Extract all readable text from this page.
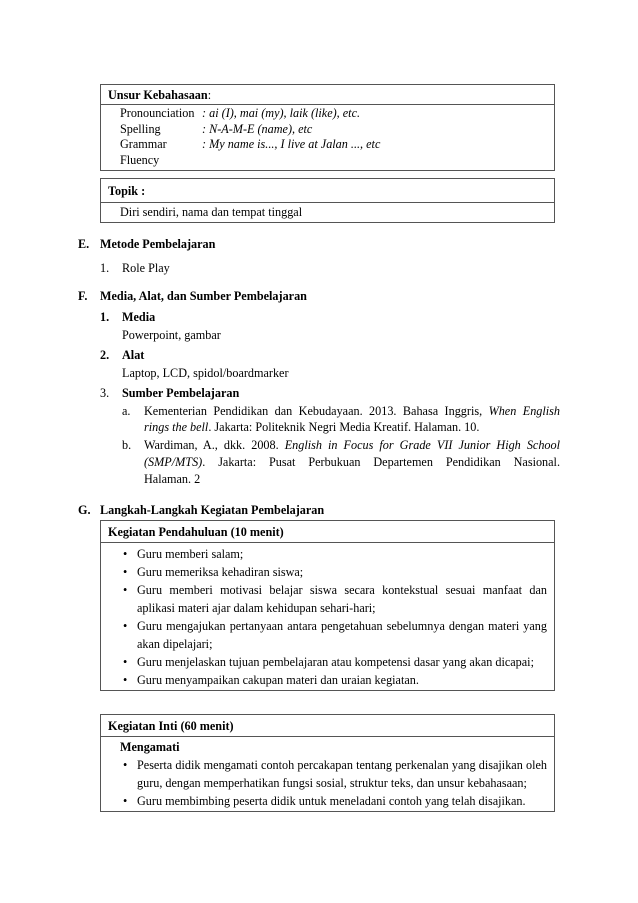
Unsur Kebahasaan:
Pronounciation : ai (I), mai (my), laik (like), etc.
Spelling	: N-A-M-E (name), etc
Grammar	: My name is..., I live at Jalan ..., etc
Fluency
Topik :
Diri sendiri, nama dan tempat tinggal
E. Metode Pembelajaran
1. Role Play
F. Media, Alat, dan Sumber Pembelajaran
1. Media
Powerpoint, gambar
2. Alat
Laptop, LCD, spidol/boardmarker
3. Sumber Pembelajaran
a. Kementerian Pendidikan dan Kebudayaan. 2013. Bahasa Inggris, When English
rings the bell. Jakarta: Politeknik Negri Media Kreatif. Halaman. 10.
b. Wardiman, A., dkk. 2008. English in Focus for Grade VII Junior High School
(SMP/MTS). Jakarta: Pusat Perbukuan Departemen Pendidikan Nasional.
Halaman. 2
G. Langkah-Langkah Kegiatan Pembelajaran
Kegiatan Pendahuluan (10 menit)
• Guru memberi salam;
• Guru memeriksa kehadiran siswa;
• Guru memberi motivasi belajar siswa secara kontekstual sesuai manfaat dan aplikasi materi ajar dalam kehidupan sehari-hari;
• Guru mengajukan pertanyaan antara pengetahuan sebelumnya dengan materi yang akan dipelajari;
• Guru menjelaskan tujuan pembelajaran atau kompetensi dasar yang akan dicapai;
• Guru menyampaikan cakupan materi dan uraian kegiatan.
Kegiatan Inti (60 menit)
Mengamati
• Peserta didik mengamati contoh percakapan tentang perkenalan yang disajikan oleh guru, dengan memperhatikan fungsi sosial, struktur teks, dan unsur kebahasaan;
• Guru membimbing peserta didik untuk meneladani contoh yang telah disajikan.
